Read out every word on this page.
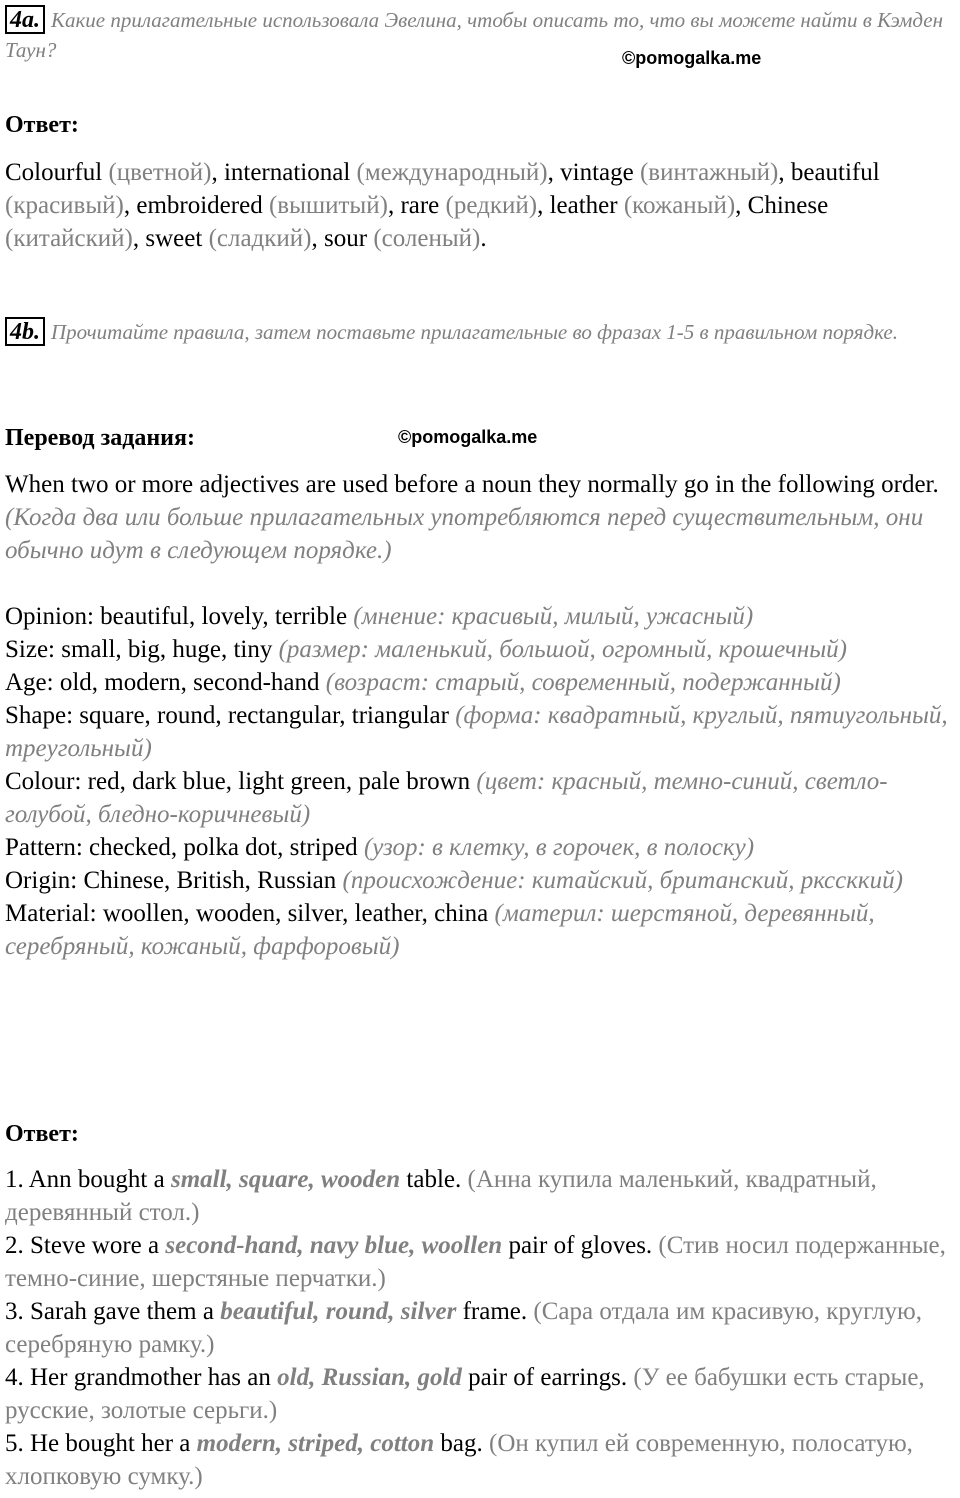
4a. Какие прилагательные использовала Эвелина, чтобы описать то, что вы можете найти в Кэмден Таун?	©pomogalka.me
Ответ:

Colourful (цветной), international (международный), vintage (винтажный), beautiful (красивый), embroidered (вышитый), rare (редкий), leather (кожаный), Chinese (китайский), sweet (сладкий), sour (соленый).

4b. Прочитайте правила, затем поставьте прилагательные во фразах 1-5 в правильном порядке.

Перевод задания:	©pomogalka.me

When two or more adjectives are used before a noun they normally go in the following order. (Когда два или больше прилагательных употребляются перед существительным, они обычно идут в следующем порядке.)

Opinion: beautiful, lovely, terrible (мнение: красивый, милый, ужасный)
Size: small, big, huge, tiny (размер: маленький, большой, огромный, крошечный)
Age: old, modern, second-hand (возраст: старый, современный, подержанный)
Shape: square, round, rectangular, triangular (форма: квадратный, круглый, пятиугольный, треугольный)
Colour: red, dark blue, light green, pale brown (цвет: красный, темно-синий, светло-голубой, бледно-коричневый)
Pattern: checked, polka dot, striped (узор: в клетку, в горочек, в полоску)
Origin: Chinese, British, Russian (происхождение: китайский, британский, ркссккий)
Material: woollen, wooden, silver, leather, china (материл: шерстяной, деревянный, серебряный, кожаный, фарфоровый)

Ответ:

1. Ann bought a small, square, wooden table. (Анна купила маленький, квадратный, деревянный стол.)
2. Steve wore a second-hand, navy blue, woollen pair of gloves. (Стив носил подержанные, темно-синие, шерстяные перчатки.)
3. Sarah gave them a beautiful, round, silver frame. (Сара отдала им красивую, круглую, серебряную рамку.)
4. Her grandmother has an old, Russian, gold pair of earrings. (У ее бабушки есть старые, русские, золотые серьги.)
5. He bought her a modern, striped, cotton bag. (Он купил ей современную, полосатую, хлопковую сумку.)
